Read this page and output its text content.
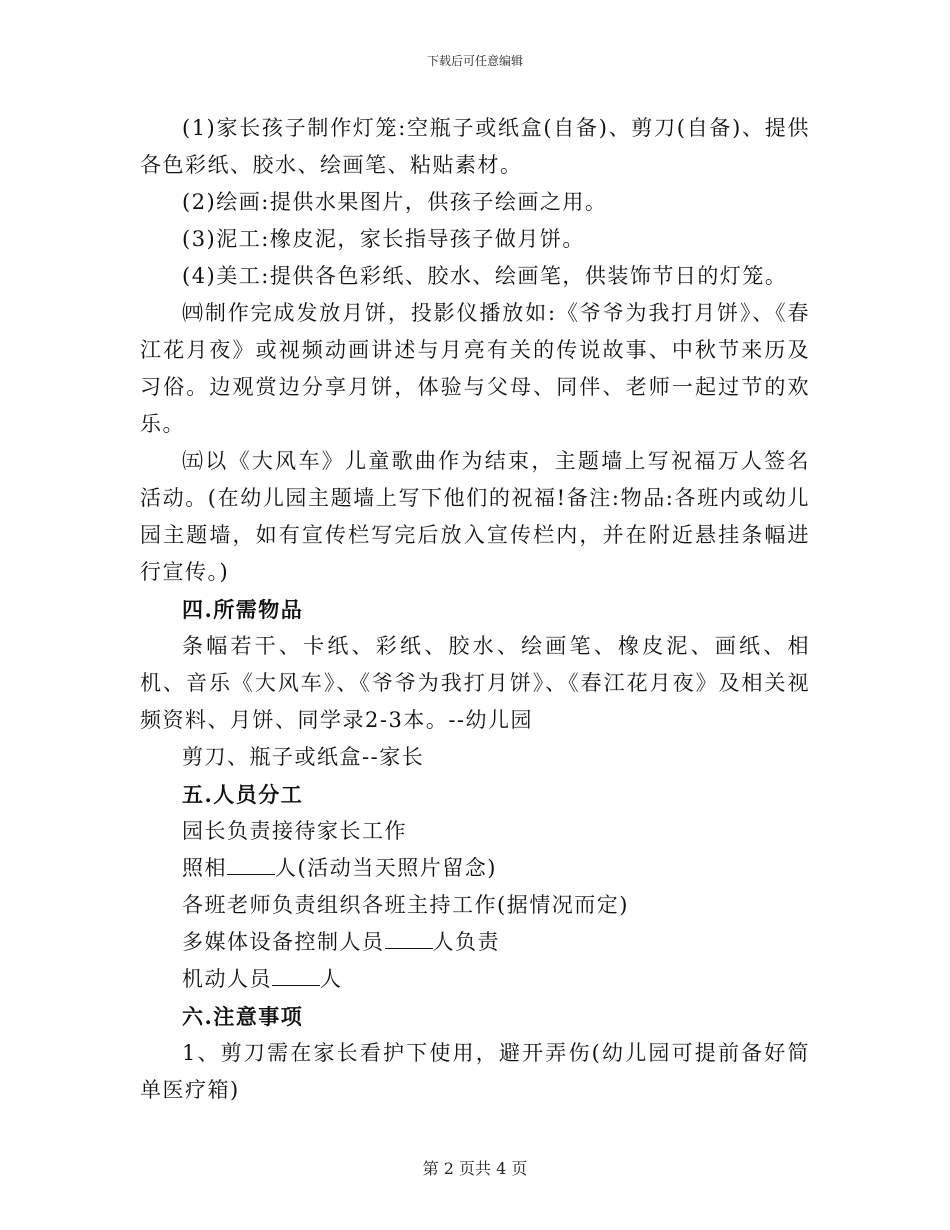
下载后可任意编辑

(1)家长孩子制作灯笼:空瓶子或纸盒(自备)、剪刀(自备)、提供各色彩纸、胶水、绘画笔、粘贴素材。

(2)绘画:提供水果图片，供孩子绘画之用。

(3)泥工:橡皮泥，家长指导孩子做月饼。

(4)美工:提供各色彩纸、胶水、绘画笔，供装饰节日的灯笼。

㈣制作完成发放月饼，投影仪播放如:《爷爷为我打月饼》、《春江花月夜》或视频动画讲述与月亮有关的传说故事、中秋节来历及习俗。边观赏边分享月饼，体验与父母、同伴、老师一起过节的欢乐。

㈤以《大风车》儿童歌曲作为结束，主题墙上写祝福万人签名活动。(在幼儿园主题墙上写下他们的祝福!备注:物品:各班内或幼儿园主题墙，如有宣传栏写完后放入宣传栏内，并在附近悬挂条幅进行宣传。)

四.所需物品

条幅若干、卡纸、彩纸、胶水、绘画笔、橡皮泥、画纸、相机、音乐《大风车》、《爷爷为我打月饼》、《春江花月夜》及相关视频资料、月饼、同学录2-3本。--幼儿园

剪刀、瓶子或纸盒--家长

五.人员分工

园长负责接待家长工作

照相 人(活动当天照片留念)

各班老师负责组织各班主持工作(据情况而定)

多媒体设备控制人员 人负责

机动人员 人

六.注意事项

1、剪刀需在家长看护下使用，避开弄伤(幼儿园可提前备好简单医疗箱)

第 2 页共 4 页
